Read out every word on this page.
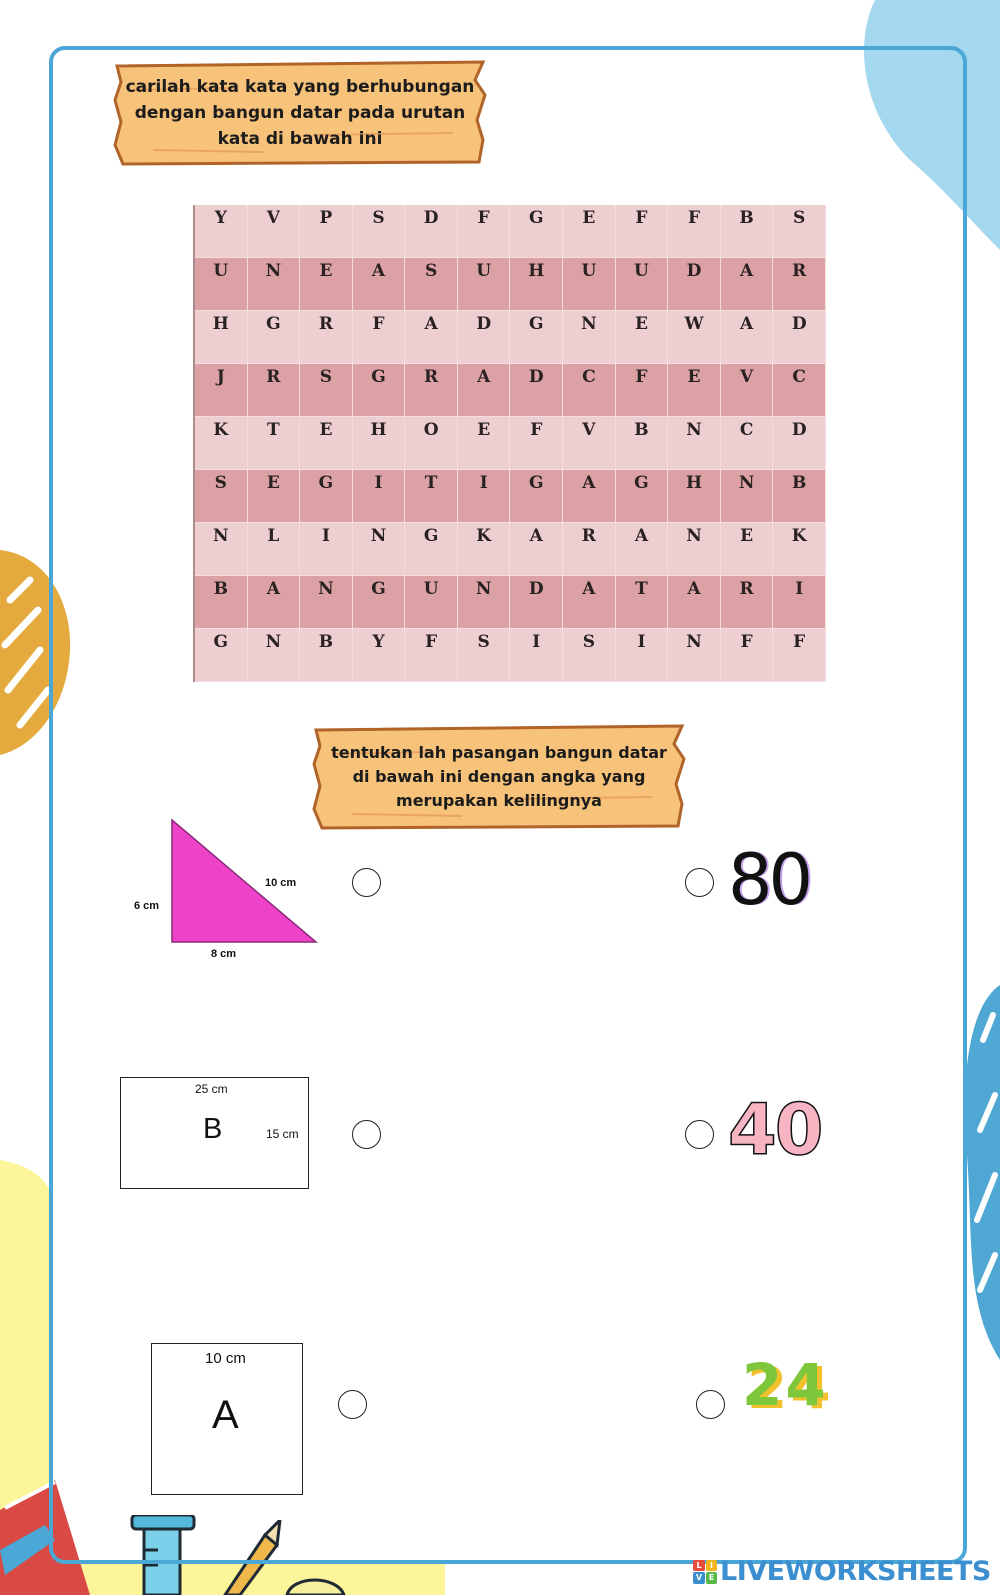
carilah kata kata yang berhubungan dengan bangun datar pada urutan kata di bawah ini
Y	V	P	S	D	F	G	E	F	F	B	S
U	N	E	A	S	U	H	U	U	D	A	R
H	G	R	F	A	D	G	N	E	W	A	D
J	R	S	G	R	A	D	C	F	E	V	C
K	T	E	H	O	E	F	V	B	N	C	D
S	E	G	I	T	I	G	A	G	H	N	B
N	L	I	N	G	K	A	R	A	N	E	K
B	A	N	G	U	N	D	A	T	A	R	I
G	N	B	Y	F	S	I	S	I	N	F	F
tentukan lah pasangan bangun datar di bawah ini dengan angka yang merupakan kelilingnya
6 cm
10 cm
8 cm
25 cm
15 cm
B
10 cm
A
80
40
24
L	I
V E LIVEWORKSHEETS
